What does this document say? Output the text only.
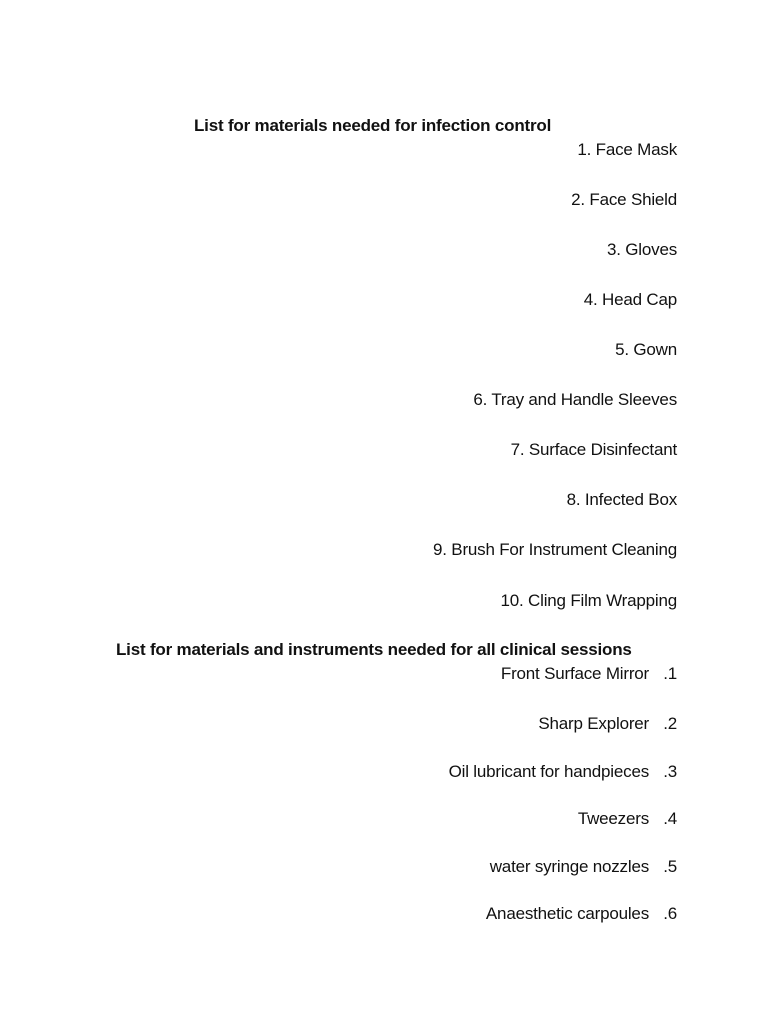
List for materials needed for infection control
1. Face Mask
2. Face Shield
3. Gloves
4. Head Cap
5. Gown
6. Tray and Handle Sleeves
7. Surface Disinfectant
8. Infected Box
9. Brush For Instrument Cleaning
10. Cling Film Wrapping
List for materials and instruments needed for all clinical sessions
Front Surface Mirror .1
Sharp Explorer .2
Oil lubricant for handpieces .3
Tweezers .4
water syringe nozzles .5
Anaesthetic carpoules .6
